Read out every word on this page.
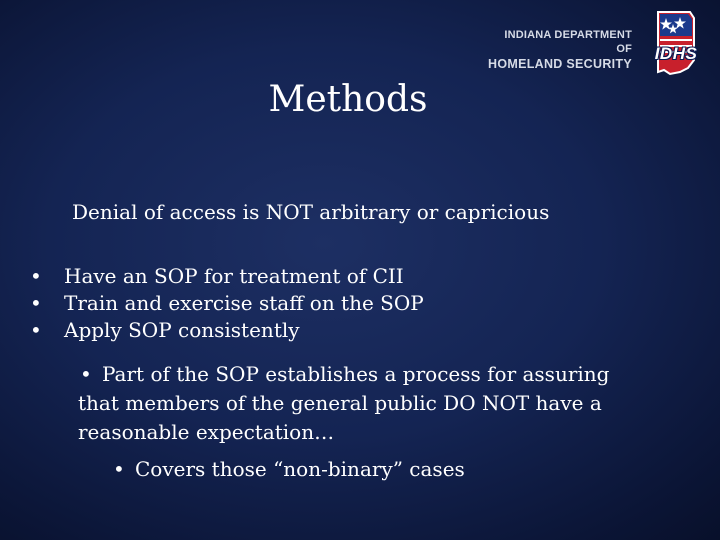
INDIANA DEPARTMENT OF
HOMELAND SECURITY
IDHS
Methods
Denial of access is NOT arbitrary or capricious
•	Have an SOP for treatment of CII
•	Train and exercise staff on the SOP
•	Apply SOP consistently
• Part of the SOP establishes a process for assuring that members of the general public DO NOT have a reasonable expectation…
• Covers those “non-binary” cases
